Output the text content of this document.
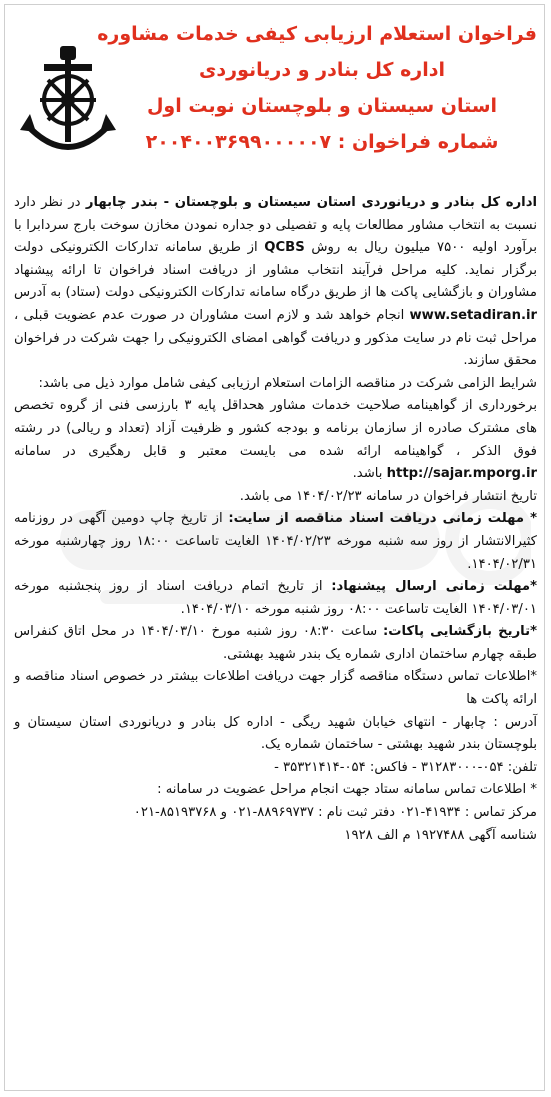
فراخوان استعلام ارزیابی کیفی خدمات مشاوره
اداره کل بنادر و دریانوردی
استان سیستان و بلوچستان نوبت اول
شماره فراخوان : ۲۰۰۴۰۰۳۶۹۹۰۰۰۰۰۷

اداره کل بنادر و دریانوردی استان سیستان و بلوچستان - بندر چابهار در نظر دارد نسبت به انتخاب مشاور مطالعات پایه و تفصیلی دو جداره نمودن مخازن سوخت بارج سردابرا با برآورد اولیه ۷۵۰۰ میلیون ریال به روش QCBS از طریق سامانه تدارکات الکترونیکی دولت برگزار نماید. کلیه مراحل فرآیند انتخاب مشاور از دریافت اسناد فراخوان تا ارائه پیشنهاد مشاوران و بازگشایی پاکت ها از طریق درگاه سامانه تدارکات الکترونیکی دولت (ستاد) به آدرس www.setadiran.ir انجام خواهد شد و لازم است مشاوران در صورت عدم عضویت قبلی ، مراحل ثبت نام در سایت مذکور و دریافت گواهی امضای الکترونیکی را جهت شرکت در فراخوان محقق سازند.

شرایط الزامی شرکت در مناقصه الزامات استعلام ارزیابی کیفی شامل موارد ذیل می باشد:

برخورداری از گواهینامه صلاحیت خدمات مشاور هحداقل پایه ۳ بارزسی فنی از گروه تخصص های مشترک صادره از سازمان برنامه و بودجه کشور و ظرفیت آزاد (تعداد و ریالی) در رشته فوق الذکر ، گواهینامه ارائه شده می بایست معتبر و قابل رهگیری در سامانه http://sajar.mporg.ir باشد.

تاریخ انتشار فراخوان در سامانه ۱۴۰۴/۰۲/۲۳ می باشد.

* مهلت زمانی دریافت اسناد مناقصه از سایت: از تاریخ چاپ دومین آگهی در روزنامه کثیرالانتشار از روز سه شنبه مورخه ۱۴۰۴/۰۲/۲۳ الغایت تاساعت ۱۸:۰۰ روز چهارشنبه مورخه ۱۴۰۴/۰۲/۳۱.

*مهلت زمانی ارسال پیشنهاد: از تاریخ اتمام دریافت اسناد از روز پنجشنبه مورخه ۱۴۰۴/۰۳/۰۱ الغایت تاساعت ۰۸:۰۰ روز شنبه مورخه ۱۴۰۴/۰۳/۱۰.

*تاریخ بازگشایی پاکات: ساعت ۰۸:۳۰ روز شنبه مورخ ۱۴۰۴/۰۳/۱۰ در محل اتاق کنفراس طبقه چهارم ساختمان اداری شماره یک بندر شهید بهشتی.

*اطلاعات تماس دستگاه مناقصه گزار جهت دریافت اطلاعات بیشتر در خصوص اسناد مناقصه و ارائه پاکت ها

آدرس : چابهار - انتهای خیابان شهید ریگی - اداره کل بنادر و دریانوردی استان سیستان و بلوچستان بندر شهید بهشتی - ساختمان شماره یک.

تلفن: ۰۵۴-۳۱۲۸۳۰۰۰ - فاکس: ۰۵۴-۳۵۳۲۱۴۱۴ -

* اطلاعات تماس سامانه ستاد جهت انجام مراحل عضویت در سامانه :

مرکز تماس : ۴۱۹۳۴-۰۲۱ دفتر ثبت نام : ۸۸۹۶۹۷۳۷-۰۲۱ و ۸۵۱۹۳۷۶۸-۰۲۱

شناسه آگهی ۱۹۲۷۴۸۸ م الف ۱۹۲۸
